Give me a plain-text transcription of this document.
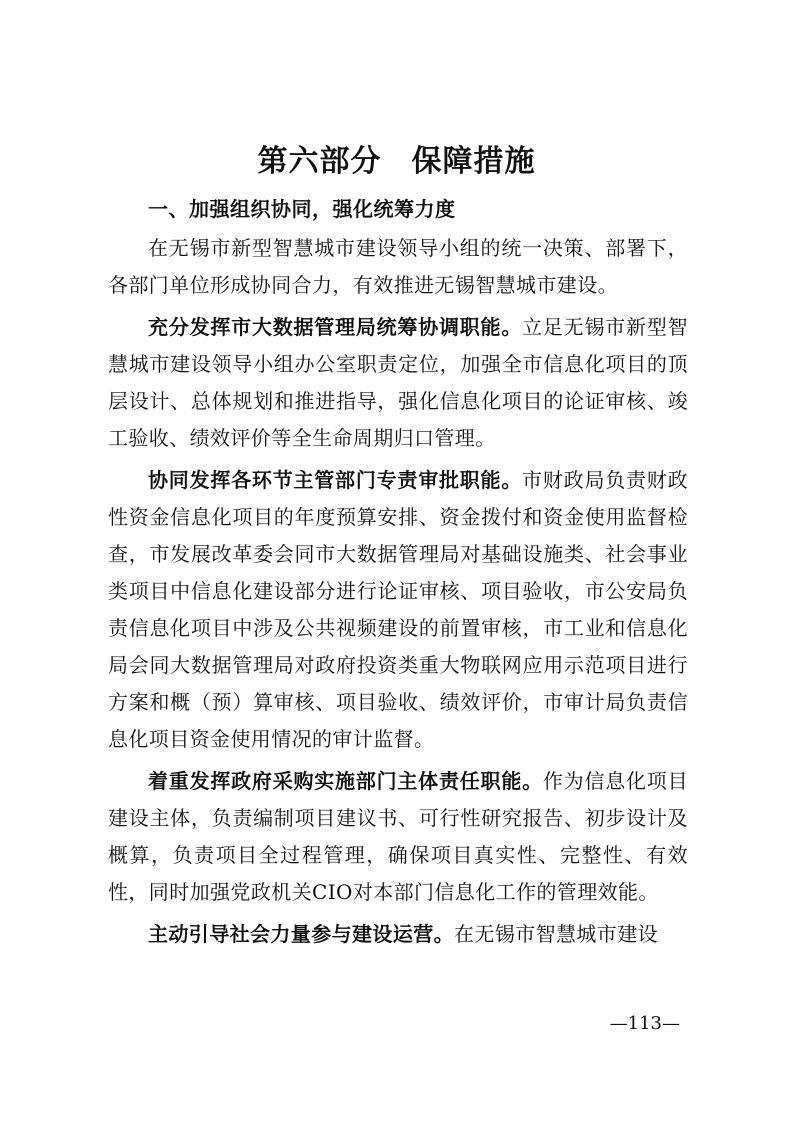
第六部分 保障措施
一、加强组织协同，强化统筹力度

在无锡市新型智慧城市建设领导小组的统一决策、部署下，各部门单位形成协同合力，有效推进无锡智慧城市建设。

充分发挥市大数据管理局统筹协调职能。立足无锡市新型智慧城市建设领导小组办公室职责定位，加强全市信息化项目的顶层设计、总体规划和推进指导，强化信息化项目的论证审核、竣工验收、绩效评价等全生命周期归口管理。

协同发挥各环节主管部门专责审批职能。市财政局负责财政性资金信息化项目的年度预算安排、资金拨付和资金使用监督检查，市发展改革委会同市大数据管理局对基础设施类、社会事业类项目中信息化建设部分进行论证审核、项目验收，市公安局负责信息化项目中涉及公共视频建设的前置审核，市工业和信息化局会同大数据管理局对政府投资类重大物联网应用示范项目进行方案和概（预）算审核、项目验收、绩效评价，市审计局负责信息化项目资金使用情况的审计监督。

着重发挥政府采购实施部门主体责任职能。作为信息化项目建设主体，负责编制项目建议书、可行性研究报告、初步设计及概算，负责项目全过程管理，确保项目真实性、完整性、有效性，同时加强党政机关CIO对本部门信息化工作的管理效能。

主动引导社会力量参与建设运营。在无锡市智慧城市建设

—113—
